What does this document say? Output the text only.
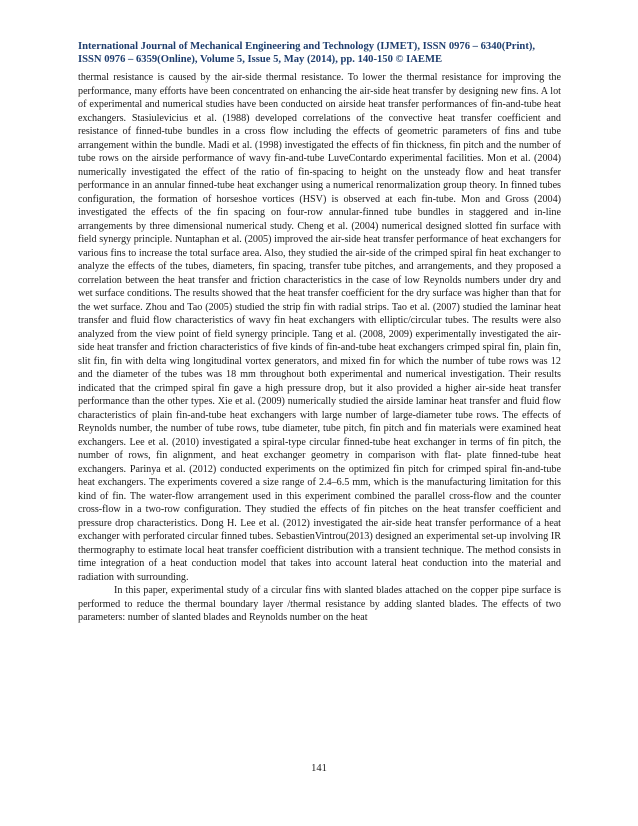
International Journal of Mechanical Engineering and Technology (IJMET), ISSN 0976 – 6340(Print),
ISSN 0976 – 6359(Online), Volume 5, Issue 5, May (2014), pp. 140-150 © IAEME

thermal resistance is caused by the air-side thermal resistance. To lower the thermal resistance for improving the performance, many efforts have been concentrated on enhancing the air-side heat transfer by designing new fins. A lot of experimental and numerical studies have been conducted on airside heat transfer performances of fin-and-tube heat exchangers. Stasiulevicius et al. (1988) developed correlations of the convective heat transfer coefficient and resistance of finned-tube bundles in a cross flow including the effects of geometric parameters of fins and tube arrangement within the bundle. Madi et al. (1998) investigated the effects of fin thickness, fin pitch and the number of tube rows on the airside performance of wavy fin-and-tube LuveContardo experimental facilities. Mon et al. (2004) numerically investigated the effect of the ratio of fin-spacing to height on the unsteady flow and heat transfer performance in an annular finned-tube heat exchanger using a numerical renormalization group theory. In finned tubes configuration, the formation of horseshoe vortices (HSV) is observed at each fin-tube. Mon and Gross (2004) investigated the effects of the fin spacing on four-row annular-finned tube bundles in staggered and in-line arrangements by three dimensional numerical study. Cheng et al. (2004) numerical designed slotted fin surface with field synergy principle. Nuntaphan et al. (2005) improved the air-side heat transfer performance of heat exchangers for various fins to increase the total surface area. Also, they studied the air-side of the crimped spiral fin heat exchanger to analyze the effects of the tubes, diameters, fin spacing, transfer tube pitches, and arrangements, and they proposed a correlation between the heat transfer and friction characteristics in the case of low Reynolds numbers under dry and wet surface conditions. The results showed that the heat transfer coefficient for the dry surface was higher than that for the wet surface. Zhou and Tao (2005) studied the strip fin with radial strips. Tao et al. (2007) studied the laminar heat transfer and fluid flow characteristics of wavy fin heat exchangers with elliptic/circular tubes. The results were also analyzed from the view point of field synergy principle. Tang et al. (2008, 2009) experimentally investigated the air-side heat transfer and friction characteristics of five kinds of fin-and-tube heat exchangers crimped spiral fin, plain fin, slit fin, fin with delta wing longitudinal vortex generators, and mixed fin for which the number of tube rows was 12 and the diameter of the tubes was 18 mm throughout both experimental and numerical investigation. Their results indicated that the crimped spiral fin gave a high pressure drop, but it also provided a higher air-side heat transfer performance than the other types. Xie et al. (2009) numerically studied the airside laminar heat transfer and fluid flow characteristics of plain fin-and-tube heat exchangers with large number of large-diameter tube rows. The effects of Reynolds number, the number of tube rows, tube diameter, tube pitch, fin pitch and fin materials were examined heat exchangers. Lee et al. (2010) investigated a spiral-type circular finned-tube heat exchanger in terms of fin pitch, the number of rows, fin alignment, and heat exchanger geometry in comparison with flat- plate finned-tube heat exchangers. Parinya et al. (2012) conducted experiments on the optimized fin pitch for crimped spiral fin-and-tube heat exchangers. The experiments covered a size range of 2.4–6.5 mm, which is the manufacturing limitation for this kind of fin. The water-flow arrangement used in this experiment combined the parallel cross-flow and the counter cross-flow in a two-row configuration. They studied the effects of fin pitches on the heat transfer coefficient and pressure drop characteristics. Dong H. Lee et al. (2012) investigated the air-side heat transfer performance of a heat exchanger with perforated circular finned tubes. SebastienVintrou(2013) designed an experimental set-up involving IR thermography to estimate local heat transfer coefficient distribution with a transient technique. The method consists in time integration of a heat conduction model that takes into account lateral heat conduction into the material and radiation with surrounding.

In this paper, experimental study of a circular fins with slanted blades attached on the copper pipe surface is performed to reduce the thermal boundary layer /thermal resistance by adding slanted blades. The effects of two parameters: number of slanted blades and Reynolds number on the heat

141
